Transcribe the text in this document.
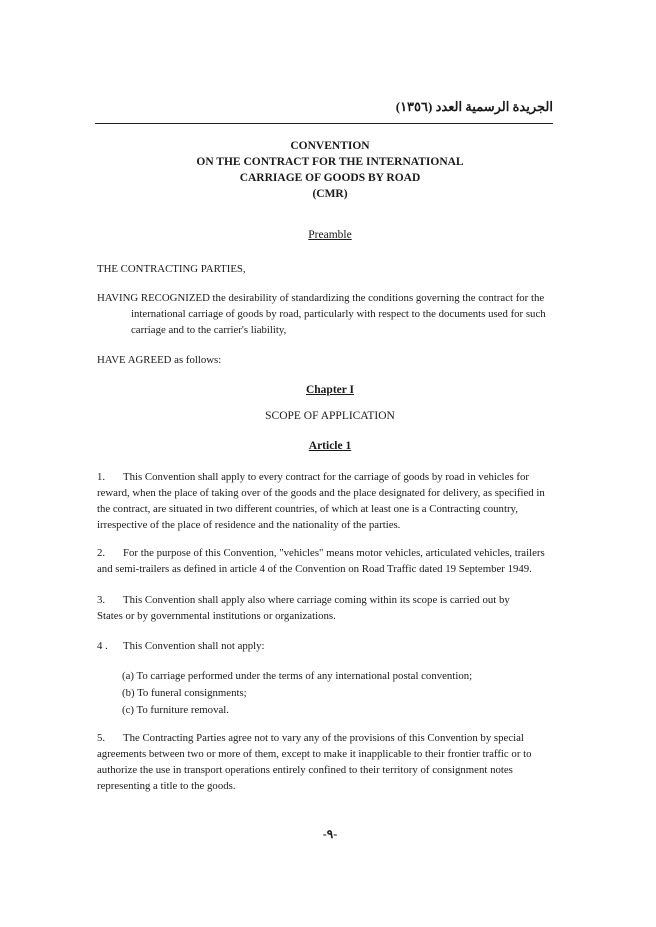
الجريدة الرسمية العدد (١٣٥٦)
CONVENTION
ON THE CONTRACT FOR THE INTERNATIONAL
CARRIAGE OF GOODS BY ROAD
(CMR)
Preamble
THE CONTRACTING PARTIES,
HAVING RECOGNIZED the desirability of standardizing the conditions governing the contract for the
international carriage of goods by road, particularly with respect to the documents used for such
carriage and to the carrier's liability,
HAVE AGREED as follows:
Chapter I
SCOPE OF APPLICATION
Article 1
1. This Convention shall apply to every contract for the carriage of goods by road in vehicles for
reward, when the place of taking over of the goods and the place designated for delivery, as specified in
the contract, are situated in two different countries, of which at least one is a Contracting country,
irrespective of the place of residence and the nationality of the parties.
2. For the purpose of this Convention, "vehicles" means motor vehicles, articulated vehicles, trailers
and semi-trailers as defined in article 4 of the Convention on Road Traffic dated 19 September 1949.
3. This Convention shall apply also where carriage coming within its scope is carried out by
States or by governmental institutions or organizations.
4 . This Convention shall not apply:
(a) To carriage performed under the terms of any international postal convention;
(b) To funeral consignments;
(c) To furniture removal.
5. The Contracting Parties agree not to vary any of the provisions of this Convention by special
agreements between two or more of them, except to make it inapplicable to their frontier traffic or to
authorize the use in transport operations entirely confined to their territory of consignment notes
representing a title to the goods.
-٩-
